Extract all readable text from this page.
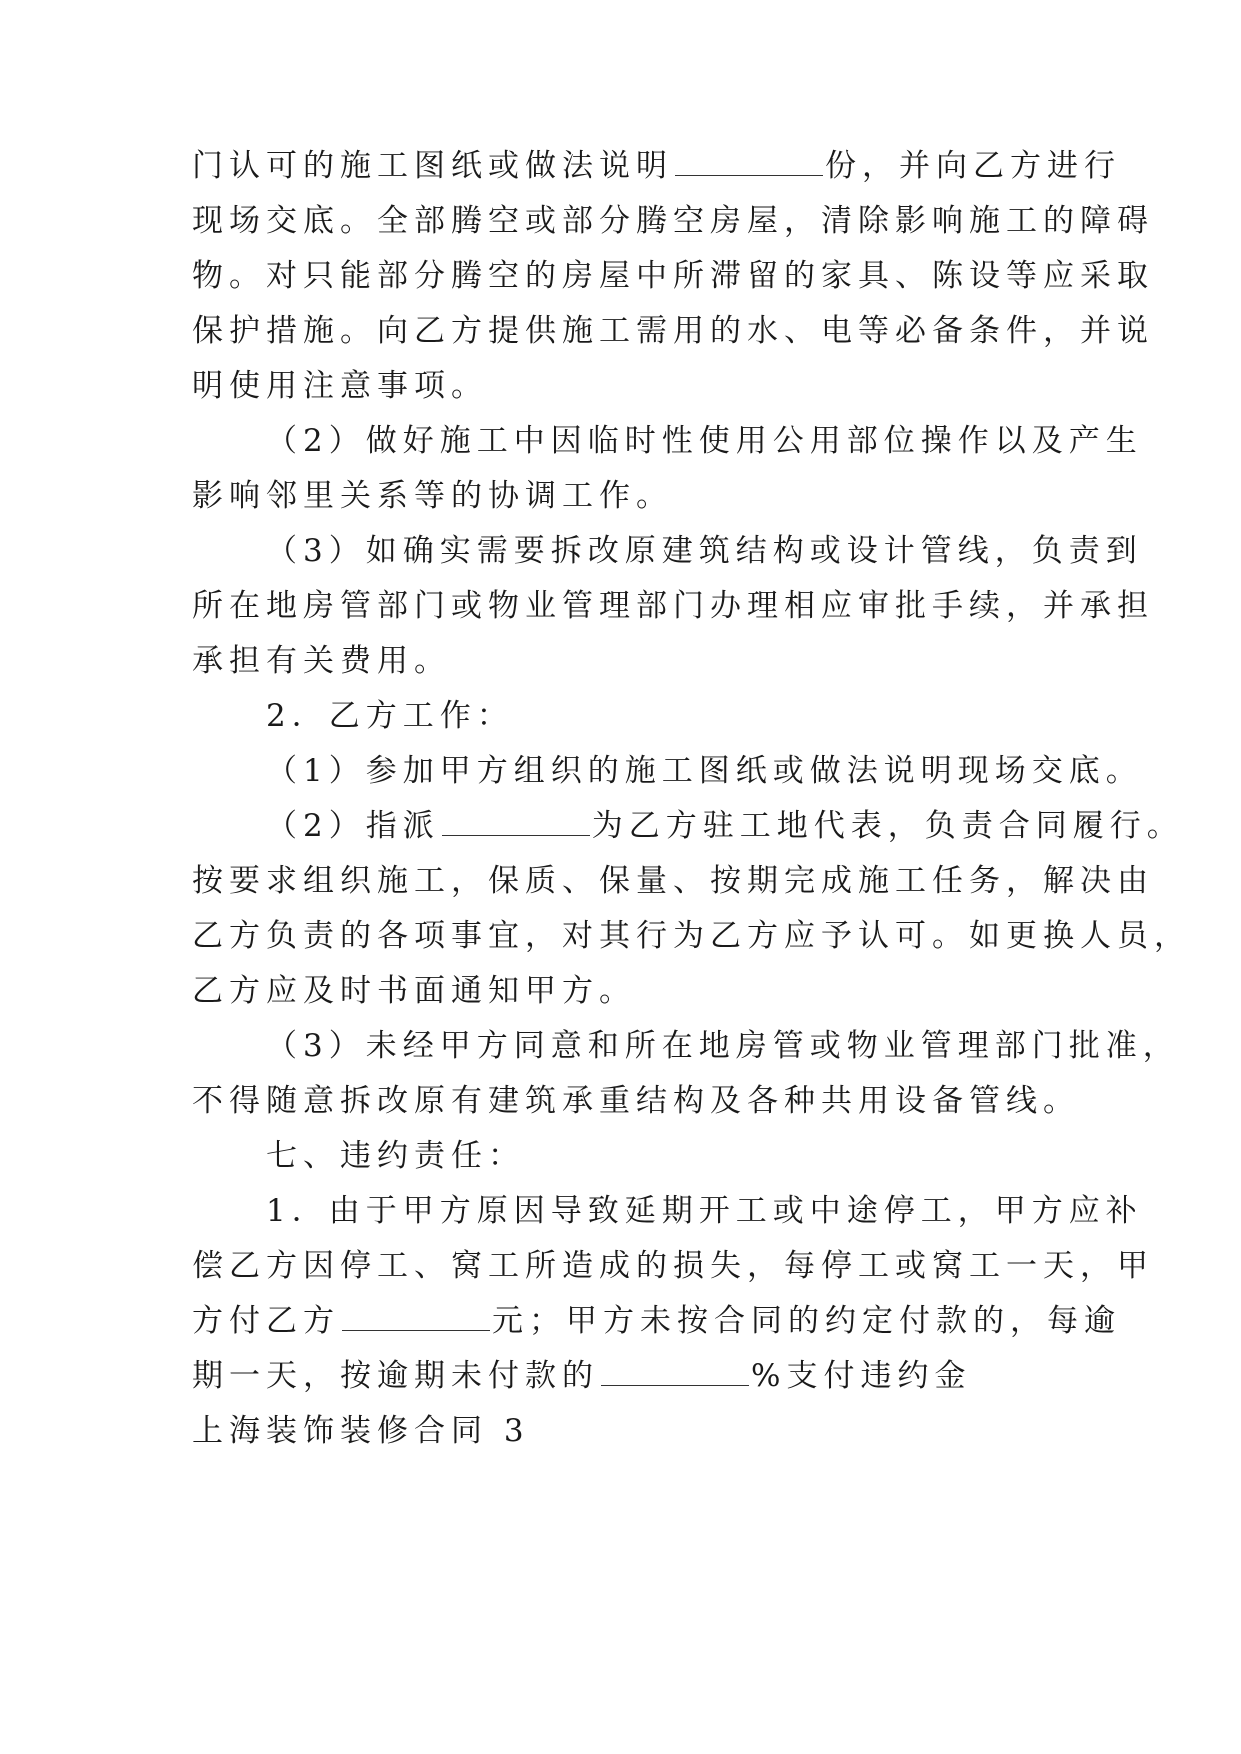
门认可的施工图纸或做法说明	份，并向乙方进行
现场交底。全部腾空或部分腾空房屋，清除影响施工的障碍
物。对只能部分腾空的房屋中所滞留的家具、陈设等应采取
保护措施。向乙方提供施工需用的水、电等必备条件，并说
明使用注意事项。
（2）做好施工中因临时性使用公用部位操作以及产生
影响邻里关系等的协调工作。
（3）如确实需要拆改原建筑结构或设计管线，负责到
所在地房管部门或物业管理部门办理相应审批手续，并承担
承担有关费用。
2．乙方工作：
（1）参加甲方组织的施工图纸或做法说明现场交底。
（2）指派	为乙方驻工地代表，负责合同履行。
按要求组织施工，保质、保量、按期完成施工任务，解决由
乙方负责的各项事宜，对其行为乙方应予认可。如更换人员，
乙方应及时书面通知甲方。
（3）未经甲方同意和所在地房管或物业管理部门批准，
不得随意拆改原有建筑承重结构及各种共用设备管线。
七、违约责任：
1．由于甲方原因导致延期开工或中途停工，甲方应补
偿乙方因停工、窝工所造成的损失，每停工或窝工一天，甲
方付乙方	元；甲方未按合同的约定付款的，每逾
期一天，按逾期未付款的	%支付违约金
上海装饰装修合同 3
